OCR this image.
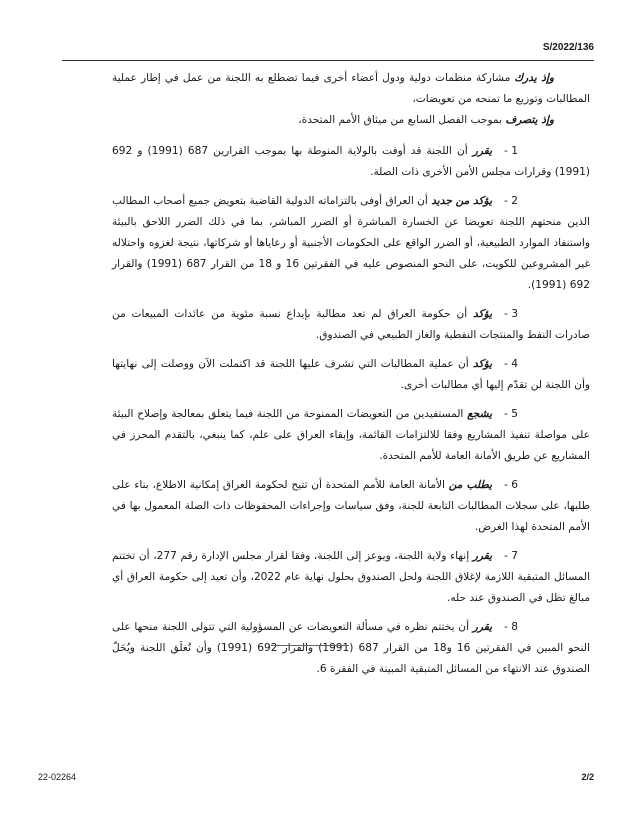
S/2022/136

وإذ يدرك مشاركة منظمات دولية ودول أعضاء أخرى فيما تضطلع به اللجنة من عمل في إطار عملية المطالبات وتوزيع ما تمنحه من تعويضات،

وإذ يتصرف بموجب الفصل السابع من ميثاق الأمم المتحدة،

1 -يقرر أن اللجنة قد أوفت بالولاية المنوطة بها بموجب القرارين 687 (1991) و 692 (1991) وقرارات مجلس الأمن الأخرى ذات الصلة.

2 -يؤكد من جديد أن العراق أوفى بالتزاماته الدولية القاضية بتعويض جميع أصحاب المطالب الذين منحتهم اللجنة تعويضا عن الخسارة المباشرة أو الضرر المباشر، بما في ذلك الضرر اللاحق بالبيئة واستنفاد الموارد الطبيعية، أو الضرر الواقع على الحكومات الأجنبية أو رعاياها أو شركاتها، نتيجة لغزوه واحتلاله غير المشروعين للكويت، على النحو المنصوص عليه في الفقرتين 16 و 18 من القرار 687 (1991) والقرار 692 (1991).

3 -يؤكد أن حكومة العراق لم تعد مطالبة بإيداع نسبة مئوية من عائدات المبيعات من صادرات النفط والمنتجات النفطية والغاز الطبيعي في الصندوق.

4 -يؤكد أن عملية المطالبات التي تشرف عليها اللجنة قد اكتملت الآن ووصلت إلى نهايتها وأن اللجنة لن تقدّم إليها أي مطالبات أخرى.

5 -يشجع المستفيدين من التعويضات الممنوحة من اللجنة فيما يتعلق بمعالجة وإصلاح البيئة على مواصلة تنفيذ المشاريع وفقا للالتزامات القائمة، وإبقاء العراق على علم، كما ينبغي، بالتقدم المحرز في المشاريع عن طريق الأمانة العامة للأمم المتحدة.

6 -يطلب من الأمانة العامة للأمم المتحدة أن تتيح لحكومة العراق إمكانية الاطلاع، بناء على طلبها، على سجلات المطالبات التابعة للجنة، وفق سياسات وإجراءات المحفوظات ذات الصلة المعمول بها في الأمم المتحدة لهذا الغرض.

7 -يقرر إنهاء ولاية اللجنة، ويوعز إلى اللجنة، وفقا لقرار مجلس الإدارة رقم 277، أن تختتم المسائل المتبقية اللازمة لإغلاق اللجنة ولحل الصندوق بحلول نهاية عام 2022، وأن تعيد إلى حكومة العراق أي مبالغ تظل في الصندوق عند حله.

8 -يقرر أن يختتم نظره في مسألة التعويضات عن المسؤولية التي تتولى اللجنة منحها على النحو المبين في الفقرتين 16 و18 من القرار 687 (1991) والقرار 692 (1991) وأن تُغلَق اللجنة ويُحَلّ الصندوق عند الانتهاء من المسائل المتبقية المبينة في الفقرة 6.

22-02264	2/2
